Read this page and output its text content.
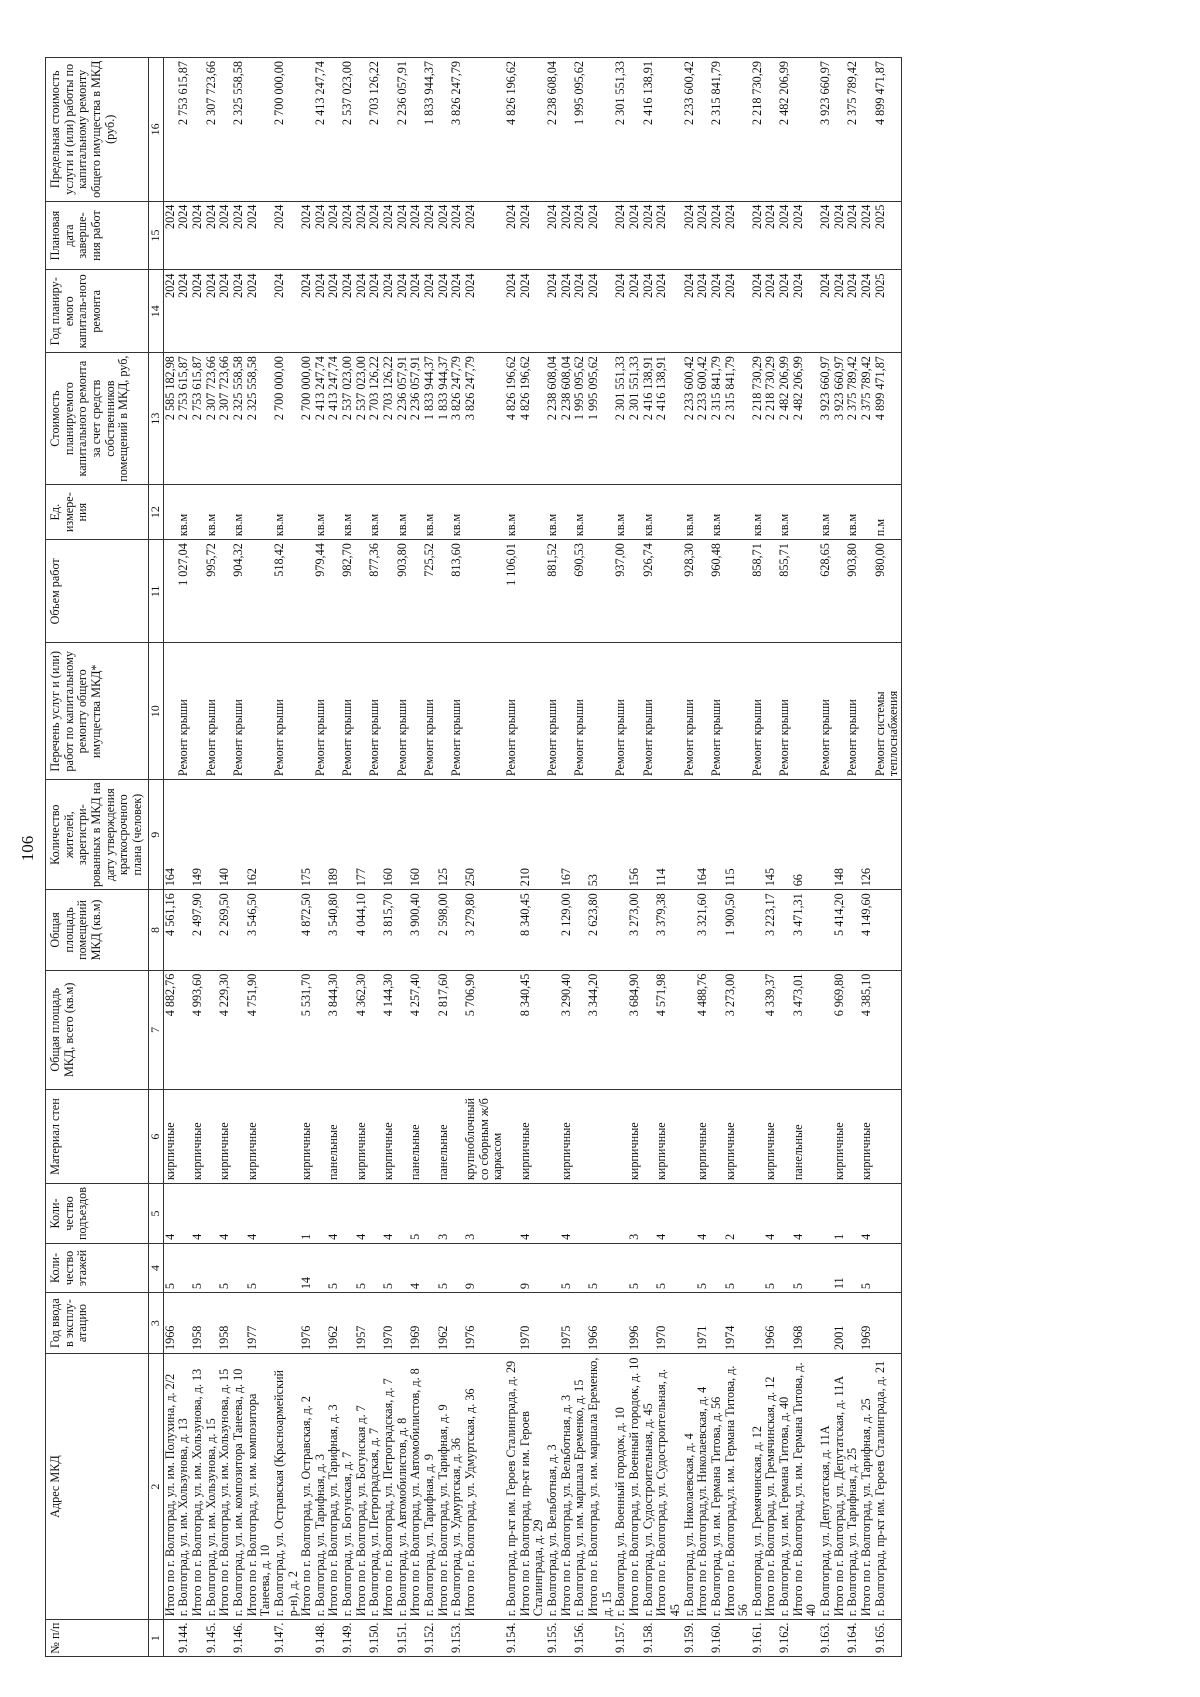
106
№ п/п	Адрес МКД	Год ввода в эксплу-атацию	Коли-чество этажей	Коли-чество подъездов	Материал стен	Общая площадь МКД, всего (кв.м)	Общая площадь помещений МКД (кв.м)	Количество жителей, зарегистри-рованных в МКД на дату утверждения краткосрочного плана (человек)	Перечень услуг и (или) работ по капитальному ремонту общего имущества МКД*	Объем работ	Ед. измере-ния	Стоимость планируемого капитального ремонта за счет средств собственников помещений в МКД, руб,	Год планиру-емого капиталь-ного ремонта	Плановая дата заверше-ния работ	Предельная стоимость услуги и (или) работы по капитальному ремонту общего имущества в МКД (руб.)
1	2	3	4	5	6	7	8	9	10	11	12	13	14	15	16
	Итого по г. Волгоград, ул. им. Полухина, д. 2/2	1966	5	4	кирпичные	4 882,76	4 561,16	164				2 585 182,98	2024	2024	

9.144.	г. Волгоград, ул. им. Хользунова, д. 13								Ремонт крыши	1 027,04	кв.м	2 753 615,87	2024	2024	2 753 615,87
	Итого по г. Волгоград, ул. им. Хользунова, д. 13	1958	5	4	кирпичные	4 993,60	2 497,90	149				2 753 615,87	2024	2024	

9.145.	г. Волгоград, ул. им. Хользунова, д. 15								Ремонт крыши	995,72	кв.м	2 307 723,66	2024	2024	2 307 723,66
	Итого по г. Волгоград, ул. им. Хользунова, д. 15	1958	5	4	кирпичные	4 229,30	2 269,50	140				2 307 723,66	2024	2024	

9.146.	г. Волгоград, ул. им. композитора Танеева, д. 10								Ремонт крыши	904,32	кв.м	2 325 558,58	2024	2024	2 325 558,58
	Итого по г. Волгоград, ул. им. композитора Танеева, д. 10	1977	5	4	кирпичные	4 751,90	3 546,50	162				2 325 558,58	2024	2024	

9.147.	г. Волгоград, ул. Остравская (Красноармейский р-н), д. 2								Ремонт крыши	518,42	кв.м	2 700 000,00	2024	2024	2 700 000,00
	Итого по г. Волгоград, ул. Остравская, д. 2	1976	14	1	кирпичные	5 531,70	4 872,50	175				2 700 000,00	2024	2024	

9.148.	г. Волгоград, ул. Тарифная, д. 3								Ремонт крыши	979,44	кв.м	2 413 247,74	2024	2024	2 413 247,74
	Итого по г. Волгоград, ул. Тарифная, д. 3	1962	5	4	панельные	3 844,30	3 540,80	189				2 413 247,74	2024	2024	

9.149.	г. Волгоград, ул. Богунская, д. 7								Ремонт крыши	982,70	кв.м	2 537 023,00	2024	2024	2 537 023,00
	Итого по г. Волгоград, ул. Богунская д. 7	1957	5	4	кирпичные	4 362,30	4 044,10	177				2 537 023,00	2024	2024	

9.150.	г. Волгоград, ул. Петроградская, д. 7								Ремонт крыши	877,36	кв.м	2 703 126,22	2024	2024	2 703 126,22
	Итого по г. Волгоград, ул. Петроградская, д. 7	1970	5	4	кирпичные	4 144,30	3 815,70	160				2 703 126,22	2024	2024	

9.151.	г. Волгоград, ул. Автомобилистов, д. 8								Ремонт крыши	903,80	кв.м	2 236 057,91	2024	2024	2 236 057,91
	Итого по г. Волгоград, ул. Автомобилистов, д. 8	1969	4	5	панельные	4 257,40	3 900,40	160				2 236 057,91	2024	2024	

9.152.	г. Волгоград, ул. Тарифная, д. 9								Ремонт крыши	725,52	кв.м	1 833 944,37	2024	2024	1 833 944,37
	Итого по г. Волгоград, ул. Тарифная, д. 9	1962	5	3	панельные	2 817,60	2 598,00	125				1 833 944,37	2024	2024	

9.153.	г. Волгоград, ул. Удмуртская, д. 36								Ремонт крыши	813,60	кв.м	3 826 247,79	2024	2024	3 826 247,79
	Итого по г. Волгоград, ул. Удмуртская, д. 36	1976	9	3	крупноблочный со сборным ж/б каркасом	5 706,90	3 279,80	250				3 826 247,79	2024	2024	

9.154.	г. Волгоград, пр-кт им. Героев Сталинграда, д. 29								Ремонт крыши	1 106,01	кв.м	4 826 196,62	2024	2024	4 826 196,62
	Итого по г. Волгоград, пр-кт им. Героев Сталинграда, д. 29	1970	9	4	кирпичные	8 340,45	8 340,45	210				4 826 196,62	2024	2024	

9.155.	г. Волгоград, ул. Вельботная, д. 3								Ремонт крыши	881,52	кв.м	2 238 608,04	2024	2024	2 238 608,04
	Итого по г. Волгоград, ул. Вельботная, д. 3	1975	5	4	кирпичные	3 290,40	2 129,00	167				2 238 608,04	2024	2024	

9.156.	г. Волгоград, ул. им. маршала Еременко, д. 15								Ремонт крыши	690,53	кв.м	1 995 095,62	2024	2024	1 995 095,62
	Итого по г. Волгоград, ул. им. маршала Еременко, д. 15	1966	5			3 344,20	2 623,80	53				1 995 095,62	2024	2024	

9.157.	г. Волгоград, ул. Военный городок, д. 10								Ремонт крыши	937,00	кв.м	2 301 551,33	2024	2024	2 301 551,33
	Итого по г. Волгоград, ул. Военный городок, д. 10	1996	5	3	кирпичные	3 684,90	3 273,00	156				2 301 551,33	2024	2024	

9.158.	г. Волгоград, ул. Судостроительная, д. 45								Ремонт крыши	926,74	кв.м	2 416 138,91	2024	2024	2 416 138,91
	Итого по г. Волгоград, ул. Судостроительная, д. 45	1970	5	4	кирпичные	4 571,98	3 379,38	114				2 416 138,91	2024	2024	

9.159.	г. Волгоград, ул. Николаевская, д. 4								Ремонт крыши	928,30	кв.м	2 233 600,42	2024	2024	2 233 600,42
	Итого по г. Волгоград,ул. Николаевская, д. 4	1971	5	4	кирпичные	4 488,76	3 321,60	164				2 233 600,42	2024	2024	

9.160.	г. Волгоград, ул. им. Германа Титова, д. 56								Ремонт крыши	960,48	кв.м	2 315 841,79	2024	2024	2 315 841,79
	Итого по г. Волгоград,ул. им. Германа Титова, д. 56	1974	5	2	кирпичные	3 273,00	1 900,50	115				2 315 841,79	2024	2024	

9.161.	г. Волгоград, ул. Гремячинская, д. 12								Ремонт крыши	858,71	кв.м	2 218 730,29	2024	2024	2 218 730,29
	Итого по г. Волгоград, ул. Гремячинская, д. 12	1966	5	4	кирпичные	4 339,37	3 223,17	145				2 218 730,29	2024	2024	

9.162.	г. Волгоград, ул. им. Германа Титова, д. 40								Ремонт крыши	855,71	кв.м	2 482 206,99	2024	2024	2 482 206,99
	Итого по г. Волгоград, ул. им. Германа Титова, д. 40	1968	5	4	панельные	3 473,01	3 471,31	66				2 482 206,99	2024	2024	

9.163.	г. Волгоград, ул. Депутатская, д. 11А								Ремонт крыши	628,65	кв.м	3 923 660,97	2024	2024	3 923 660,97
	Итого по г. Волгоград, ул. Депутатская, д. 11А	2001	11	1	кирпичные	6 969,80	5 414,20	148				3 923 660,97	2024	2024	

9.164.	г. Волгоград, ул. Тарифная, д. 25								Ремонт крыши	903,80	кв.м	2 375 789,42	2024	2024	2 375 789,42
	Итого по г. Волгоград, ул. Тарифная, д. 25	1969	5	4	кирпичные	4 385,10	4 149,60	126				2 375 789,42	2024	2024	

9.165.	г. Волгоград, пр-кт им. Героев Сталинграда, д. 21								Ремонт системы теплоснабжения	980,00	п.м	4 899 471,87	2025	2025	4 899 471,87
